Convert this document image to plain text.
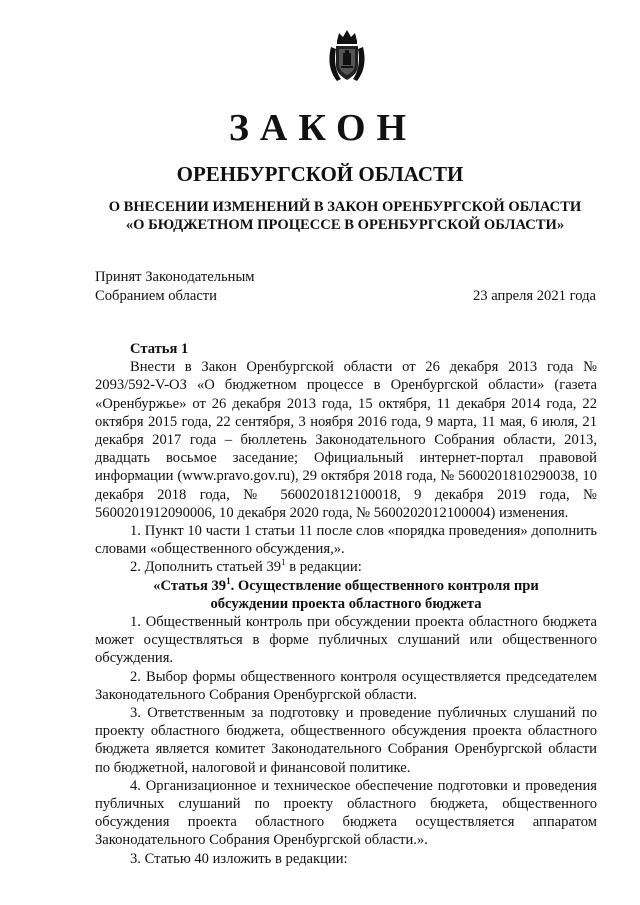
ЗАКОН
ОРЕНБУРГСКОЙ ОБЛАСТИ
О ВНЕСЕНИИ ИЗМЕНЕНИЙ В ЗАКОН ОРЕНБУРГСКОЙ ОБЛАСТИ
«О БЮДЖЕТНОМ ПРОЦЕССЕ В ОРЕНБУРГСКОЙ ОБЛАСТИ»
Принят Законодательным
Собранием области	23 апреля 2021 года
Статья 1

Внести в Закон Оренбургской области от 26 декабря 2013 года № 2093/592-V-ОЗ «О бюджетном процессе в Оренбургской области» (газета «Оренбуржье» от 26 декабря 2013 года, 15 октября, 11 декабря 2014 года, 22 октября 2015 года, 22 сентября, 3 ноября 2016 года, 9 марта, 11 мая, 6 июля, 21 декабря 2017 года – бюллетень Законодательного Собрания области, 2013, двадцать восьмое заседание; Официальный интернет-портал правовой информации (www.pravo.gov.ru), 29 октября 2018 года, № 5600201810290038, 10 декабря 2018 года, № 5600201812100018, 9 декабря 2019 года, № 5600201912090006, 10 декабря 2020 года, № 5600202012100004) изменения.

1. Пункт 10 части 1 статьи 11 после слов «порядка проведения» дополнить словами «общественного обсуждения,».

2. Дополнить статьей $39^1$ в редакции:

«Статья $39^1$. Осуществление общественного контроля при

обсуждении проекта областного бюджета

1. Общественный контроль при обсуждении проекта областного бюджета может осуществляться в форме публичных слушаний или общественного обсуждения.

2. Выбор формы общественного контроля осуществляется председателем Законодательного Собрания Оренбургской области.

3. Ответственным за подготовку и проведение публичных слушаний по проекту областного бюджета, общественного обсуждения проекта областного бюджета является комитет Законодательного Собрания Оренбургской области по бюджетной, налоговой и финансовой политике.

4. Организационное и техническое обеспечение подготовки и проведения публичных слушаний по проекту областного бюджета, общественного обсуждения проекта областного бюджета осуществляется аппаратом Законодательного Собрания Оренбургской области.».

3. Статью 40 изложить в редакции:
